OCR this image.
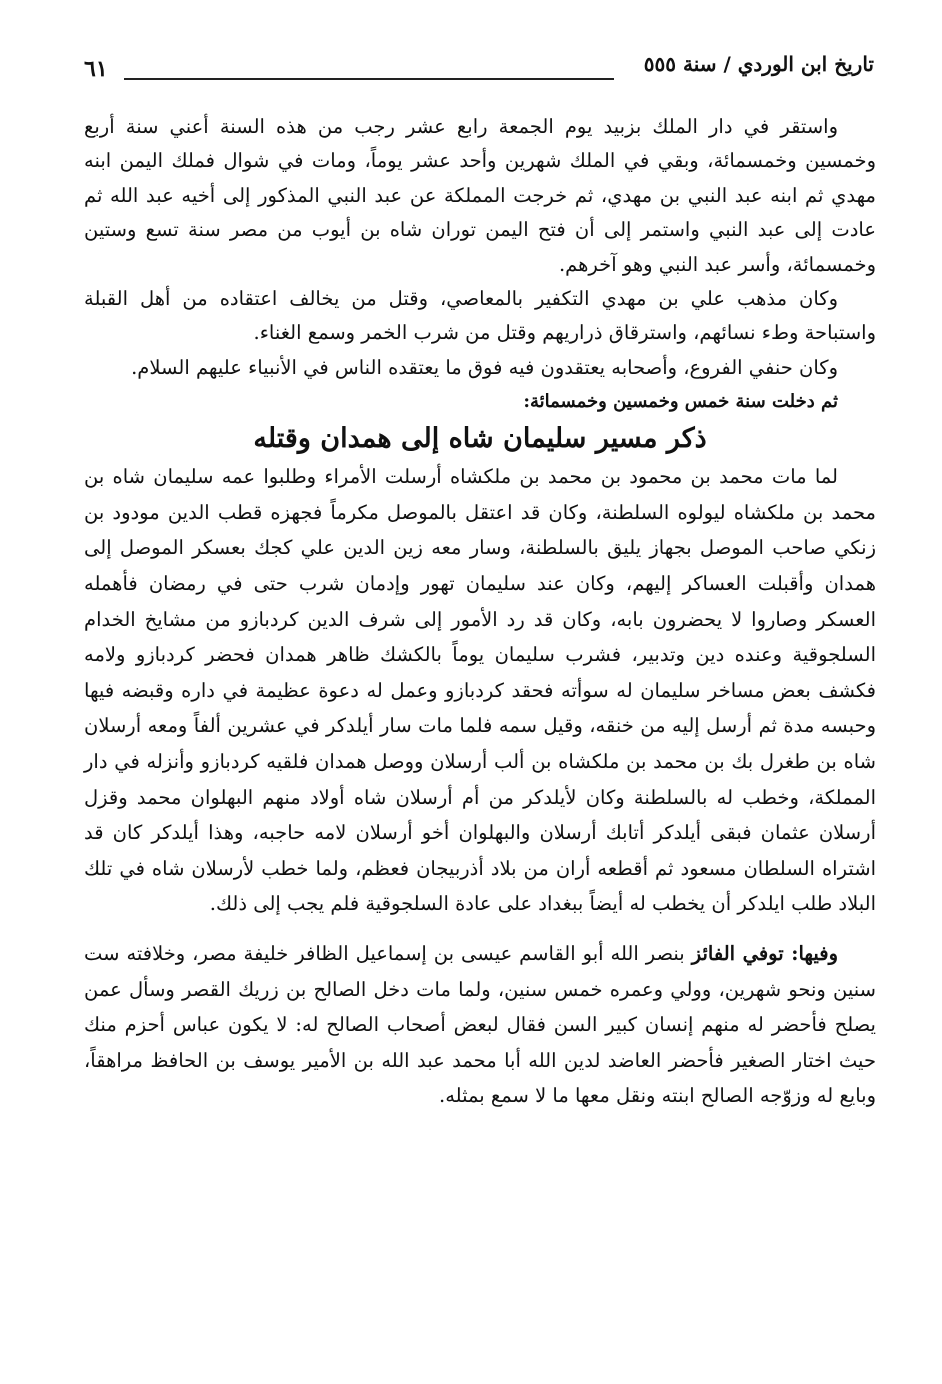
تاريخ ابن الوردي / سنة ٥٥٥
٦١

واستقر في دار الملك بزبيد يوم الجمعة رابع عشر رجب من هذه السنة أعني سنة أربع وخمسين وخمسمائة، وبقي في الملك شهرين وأحد عشر يوماً، ومات في شوال فملك اليمن ابنه مهدي ثم ابنه عبد النبي بن مهدي، ثم خرجت المملكة عن عبد النبي المذكور إلى أخيه عبد الله ثم عادت إلى عبد النبي واستمر إلى أن فتح اليمن توران شاه بن أيوب من مصر سنة تسع وستين وخمسمائة، وأسر عبد النبي وهو آخرهم.

وكان مذهب علي بن مهدي التكفير بالمعاصي، وقتل من يخالف اعتقاده من أهل القبلة واستباحة وطء نسائهم، واسترقاق ذراريهم وقتل من شرب الخمر وسمع الغناء.

وكان حنفي الفروع، وأصحابه يعتقدون فيه فوق ما يعتقده الناس في الأنبياء عليهم السلام.

ثم دخلت سنة خمس وخمسين وخمسمائة:

ذكر مسير سليمان شاه إلى همدان وقتله

لما مات محمد بن محمود بن محمد بن ملكشاه أرسلت الأمراء وطلبوا عمه سليمان شاه بن محمد بن ملكشاه ليولوه السلطنة، وكان قد اعتقل بالموصل مكرماً فجهزه قطب الدين مودود بن زنكي صاحب الموصل بجهاز يليق بالسلطنة، وسار معه زين الدين علي كجك بعسكر الموصل إلى همدان وأقبلت العساكر إليهم، وكان عند سليمان تهور وإدمان شرب حتى في رمضان فأهمله العسكر وصاروا لا يحضرون بابه، وكان قد رد الأمور إلى شرف الدين كردبازو من مشايخ الخدام السلجوقية وعنده دين وتدبير، فشرب سليمان يوماً بالكشك ظاهر همدان فحضر كردبازو ولامه فكشف بعض مساخر سليمان له سوأته فحقد كردبازو وعمل له دعوة عظيمة في داره وقبضه فيها وحبسه مدة ثم أرسل إليه من خنقه، وقيل سمه فلما مات سار أيلدكر في عشرين ألفاً ومعه أرسلان شاه بن طغرل بك بن محمد بن ملكشاه بن ألب أرسلان ووصل همدان فلقيه كردبازو وأنزله في دار المملكة، وخطب له بالسلطنة وكان لأيلدكر من أم أرسلان شاه أولاد منهم البهلوان محمد وقزل أرسلان عثمان فبقى أيلدكر أتابك أرسلان والبهلوان أخو أرسلان لامه حاجبه، وهذا أيلدكر كان قد اشتراه السلطان مسعود ثم أقطعه أران من بلاد أذربيجان فعظم، ولما خطب لأرسلان شاه في تلك البلاد طلب ايلدكر أن يخطب له أيضاً ببغداد على عادة السلجوقية فلم يجب إلى ذلك.

وفيها: توفي الفائز بنصر الله أبو القاسم عيسى بن إسماعيل الظافر خليفة مصر، وخلافته ست سنين ونحو شهرين، وولي وعمره خمس سنين، ولما مات دخل الصالح بن زريك القصر وسأل عمن يصلح فأحضر له منهم إنسان كبير السن فقال لبعض أصحاب الصالح له: لا يكون عباس أحزم منك حيث اختار الصغير فأحضر العاضد لدين الله أبا محمد عبد الله بن الأمير يوسف بن الحافظ مراهقاً، وبايع له وزوّجه الصالح ابنته ونقل معها ما لا سمع بمثله.
